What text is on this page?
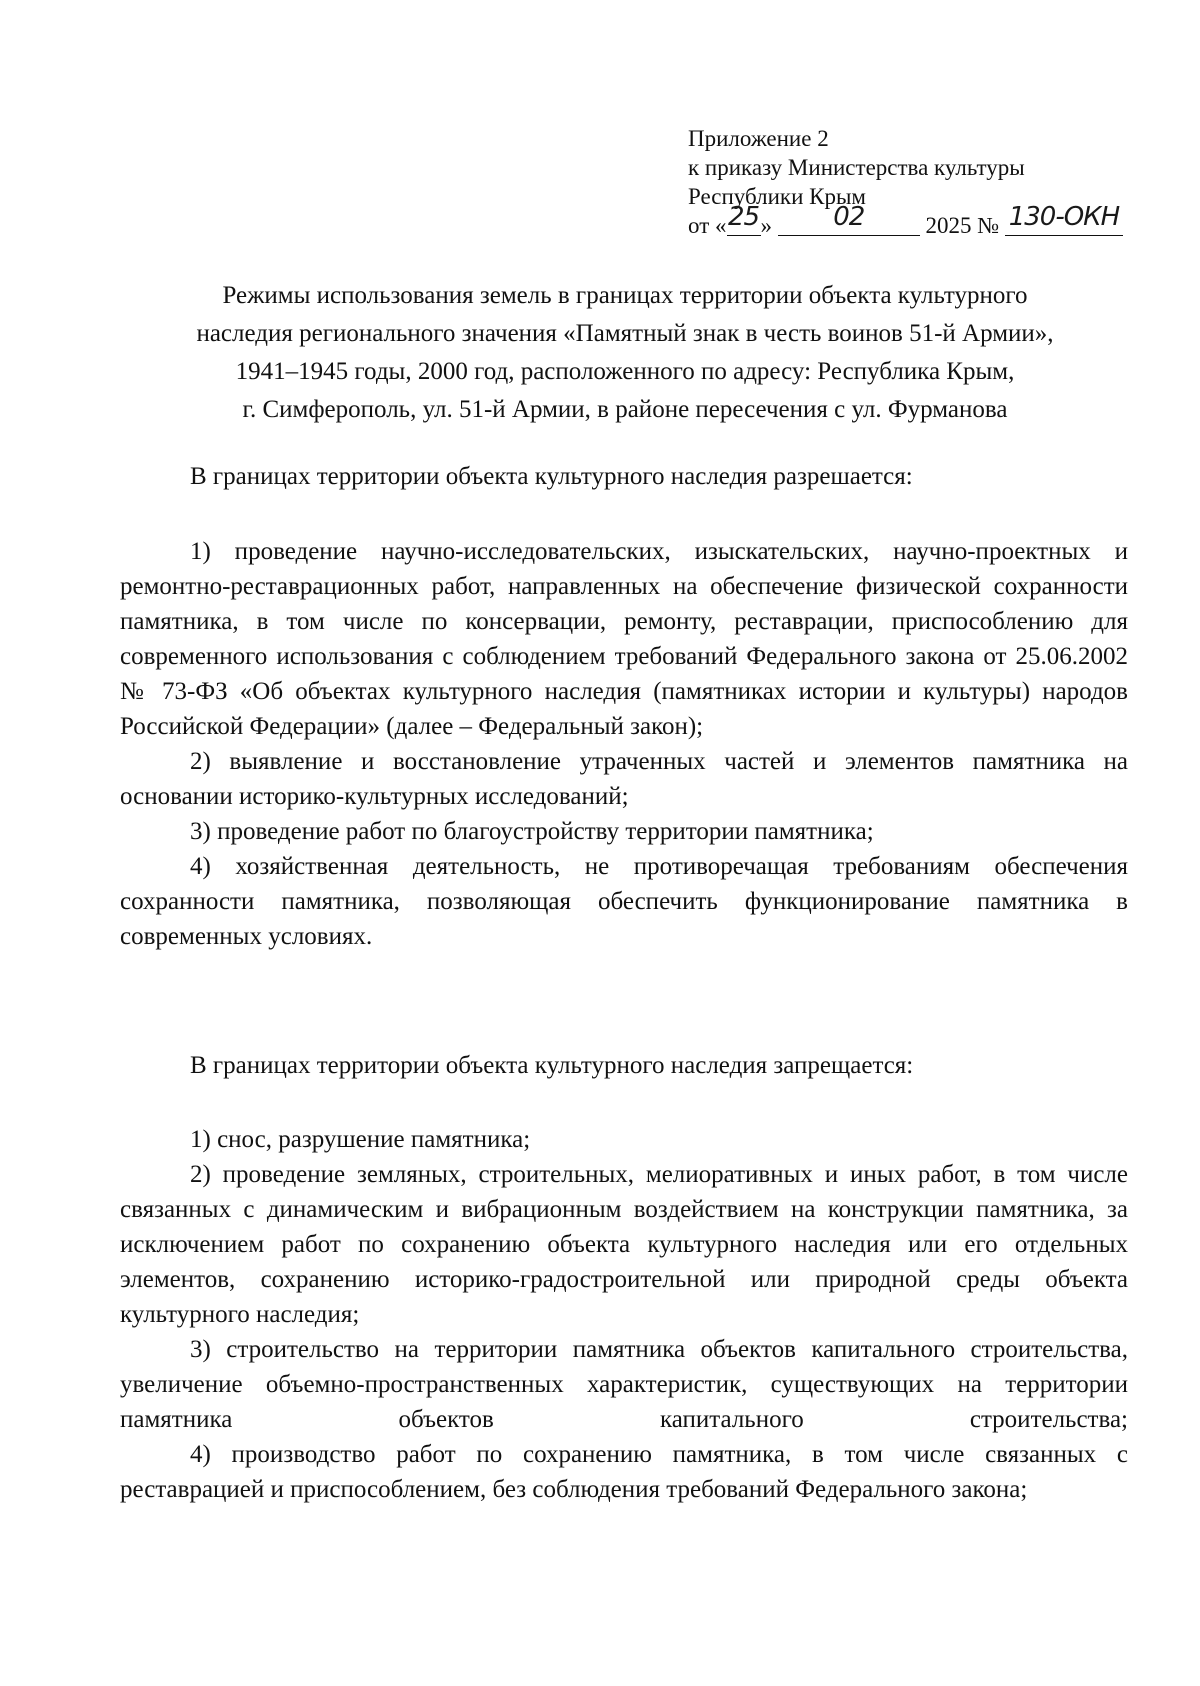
Приложение 2
к приказу Министерства культуры
Республики Крым
от «25» 02	2025 № 130-ОКН

Режимы использования земель в границах территории объекта культурного

наследия регионального значения «Памятный знак в честь воинов 51-й Армии»,

1941–1945 годы, 2000 год, расположенного по адресу: Республика Крым,

г. Симферополь, ул. 51-й Армии, в районе пересечения с ул. Фурманова

В границах территории объекта культурного наследия разрешается:

1) проведение научно-исследовательских, изыскательских, научно-проектных и ремонтно-реставрационных работ, направленных на обеспечение физической сохранности памятника, в том числе по консервации, ремонту, реставрации, приспособлению для современного использования с соблюдением требований Федерального закона от 25.06.2002 № 73-ФЗ «Об объектах культурного наследия (памятниках истории и культуры) народов Российской Федерации» (далее – Федеральный закон);

2) выявление и восстановление утраченных частей и элементов памятника на основании историко-культурных исследований;

3) проведение работ по благоустройству территории памятника;

4) хозяйственная деятельность, не противоречащая требованиям обеспечения сохранности памятника, позволяющая обеспечить функционирование памятника в современных условиях.

В границах территории объекта культурного наследия запрещается:

1) снос, разрушение памятника;

2) проведение земляных, строительных, мелиоративных и иных работ, в том числе связанных с динамическим и вибрационным воздействием на конструкции памятника, за исключением работ по сохранению объекта культурного наследия или его отдельных элементов, сохранению историко-градостроительной или природной среды объекта культурного наследия;

3) строительство на территории памятника объектов капитального строительства, увеличение объемно-пространственных характеристик, существующих на территории памятника объектов капитального строительства;

4) производство работ по сохранению памятника, в том числе связанных с реставрацией и приспособлением, без соблюдения требований Федерального закона;
